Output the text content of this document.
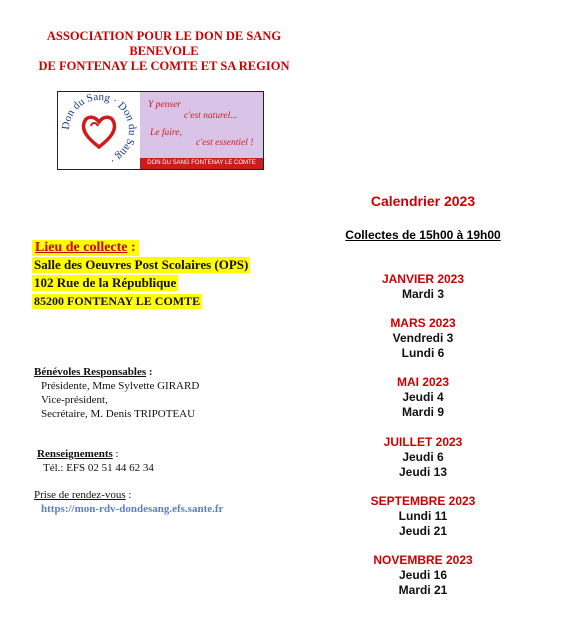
ASSOCIATION POUR LE DON DE SANG
BENEVOLE
DE FONTENAY LE COMTE ET SA REGION
Don du Sang · Don du Sang ·
Y penser
c'est naturel...
Le faire,
c'est essentiel !
DON DU SANG FONTENAY LE COMTE
Calendrier 2023
Collectes de 15h00 à 19h00
JANVIER 2023
Mardi 3
MARS 2023
Vendredi 3
Lundi 6
MAI 2023
Jeudi 4
Mardi 9
JUILLET 2023
Jeudi 6
Jeudi 13
SEPTEMBRE 2023
Lundi 11
Jeudi 21
NOVEMBRE 2023
Jeudi 16
Mardi 21
Lieu de collecte :
Salle des Oeuvres Post Scolaires (OPS)
102 Rue de la République
85200 FONTENAY LE COMTE
Bénévoles Responsables :
Présidente, Mme Sylvette GIRARD
Vice-président,
Secrétaire, M. Denis TRIPOTEAU
Renseignements :
Tél.: EFS 02 51 44 62 34
Prise de rendez-vous :
https://mon-rdv-dondesang.efs.sante.fr
